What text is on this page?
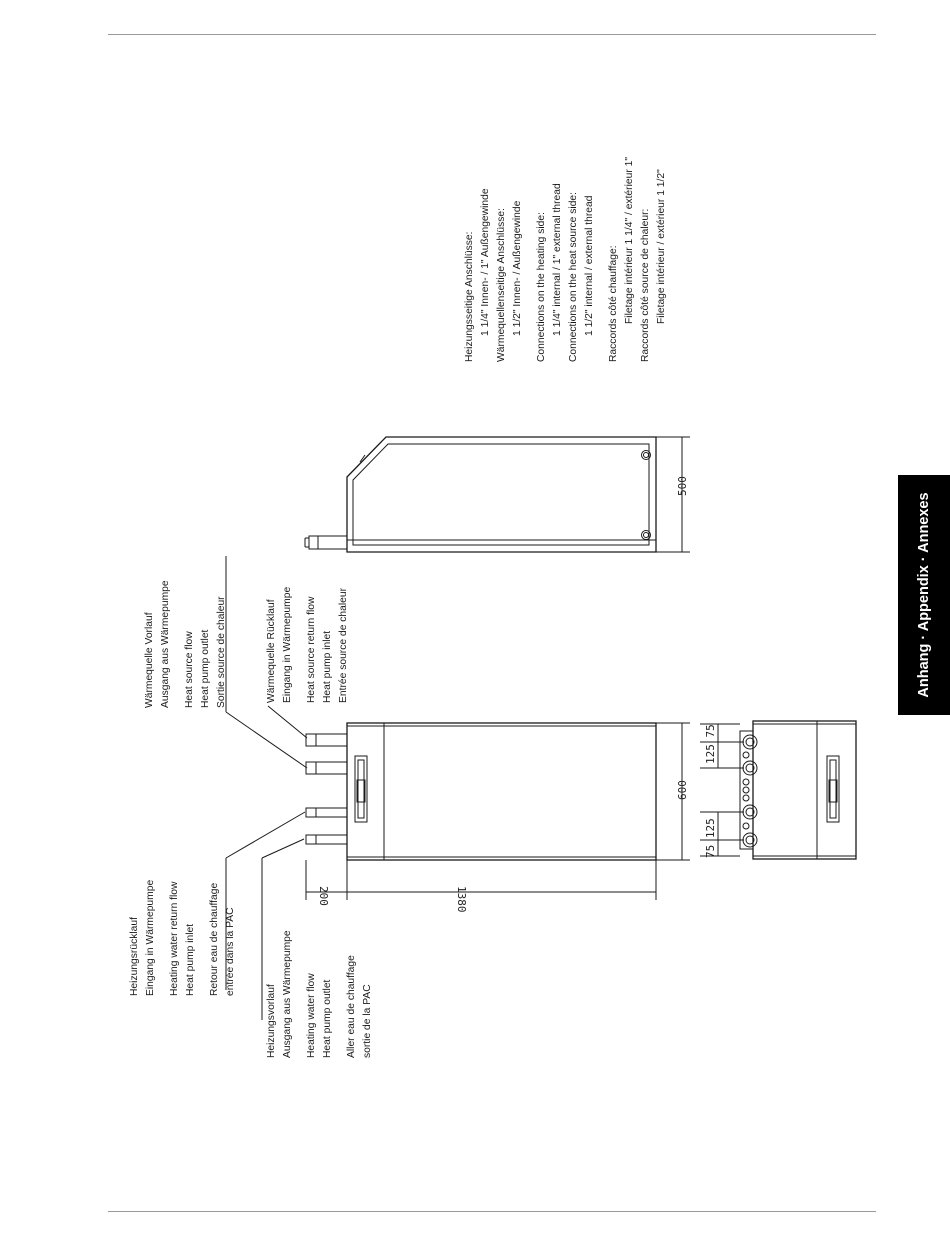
Anhang · Appendix · Annexes
Heizungsseitige Anschlüsse: 1 1/4" Innen- / 1" Außengewinde Wärmequellenseitige Anschlüsse: 1 1/2" Innen- / Außengewinde Connections on the heating side: 1 1/4" internal / 1" external thread Connections on the heat source side: 1 1/2" internal / external thread Raccords côté chauffage: Filetage intérieur 1 1/4" / extérieur 1" Raccords côté source de chaleur: Filetage intérieur / extérieur 1 1/2"
Wärmequelle Vorlauf Ausgang aus Wärmepumpe Heat source flow Heat pump outlet Sortie source de chaleur	Wärmequelle Rücklauf Eingang in Wärmepumpe Heat source return flow Heat pump inlet Entrée source de chaleur
Heizungsrücklauf Eingang in Wärmepumpe Heating water return flow Heat pump inlet Retour eau de chauffage entrée dans la PAC
Heizungsvorlauf Ausgang aus Wärmepumpe Heating water flow Heat pump outlet Aller eau de chauffage sortie de la PAC
500
600
1380
200
125 75
75 125
